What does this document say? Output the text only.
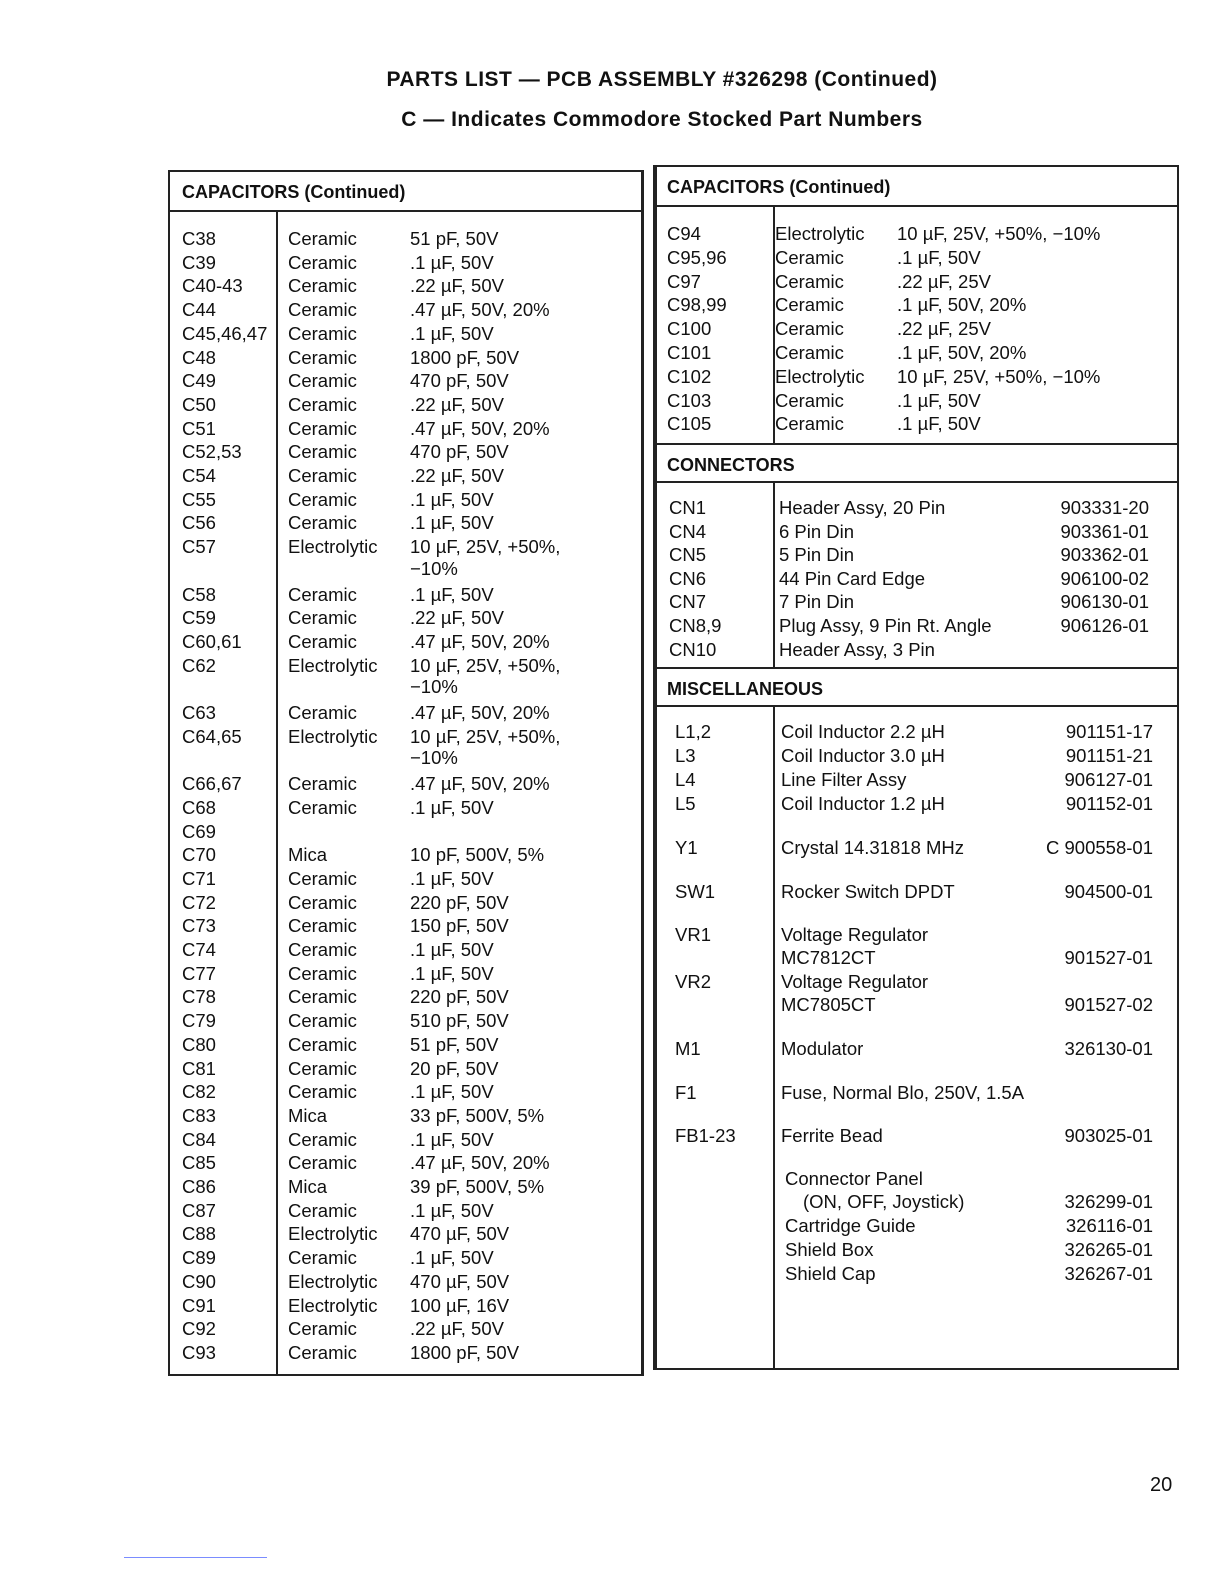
PARTS LIST — PCB ASSEMBLY #326298 (Continued)
C — Indicates Commodore Stocked Part Numbers
CAPACITORS (Continued)
C38	Ceramic	51 pF, 50V
C39	Ceramic	.1 µF, 50V
C40-43 Ceramic	.22 µF, 50V
C44	Ceramic	.47 µF, 50V, 20%
C45,46,47 Ceramic	.1 µF, 50V
C48	Ceramic	1800 pF, 50V
C49	Ceramic	470 pF, 50V
C50	Ceramic	.22 µF, 50V
C51	Ceramic	.47 µF, 50V, 20%
C52,53	Ceramic	470 pF, 50V
C54	Ceramic	.22 µF, 50V
C55	Ceramic	.1 µF, 50V
C56	Ceramic	.1 µF, 50V
C57	Electrolytic 10 µF, 25V, +50%,
−10%
C58	Ceramic	.1 µF, 50V
C59	Ceramic	.22 µF, 50V
C60,61	Ceramic	.47 µF, 50V, 20%
C62	Electrolytic 10 µF, 25V, +50%,
−10%
C63	Ceramic	.47 µF, 50V, 20%
C64,65	Electrolytic 10 µF, 25V, +50%,
−10%
C66,67	Ceramic	.47 µF, 50V, 20%
C68	Ceramic	.1 µF, 50V
C69
C70	Mica	10 pF, 500V, 5%
C71	Ceramic	.1 µF, 50V
C72	Ceramic	220 pF, 50V
C73	Ceramic	150 pF, 50V
C74	Ceramic	.1 µF, 50V
C77	Ceramic	.1 µF, 50V
C78	Ceramic	220 pF, 50V
C79	Ceramic	510 pF, 50V
C80	Ceramic	51 pF, 50V
C81	Ceramic	20 pF, 50V
C82	Ceramic	.1 µF, 50V
C83	Mica	33 pF, 500V, 5%
C84	Ceramic	.1 µF, 50V
C85	Ceramic	.47 µF, 50V, 20%
C86	Mica	39 pF, 500V, 5%
C87	Ceramic	.1 µF, 50V
C88	Electrolytic 470 µF, 50V
C89	Ceramic	.1 µF, 50V
C90	Electrolytic 470 µF, 50V
C91	Electrolytic 100 µF, 16V
C92	Ceramic	.22 µF, 50V
C93	Ceramic	1800 pF, 50V
CAPACITORS (Continued)
C94	Electrolytic 10 µF, 25V, +50%, −10%
C95,96	Ceramic	.1 µF, 50V
C97	Ceramic	.22 µF, 25V
C98,99	Ceramic	.1 µF, 50V, 20%
C100	Ceramic	.22 µF, 25V
C101	Ceramic	.1 µF, 50V, 20%
C102	Electrolytic 10 µF, 25V, +50%, −10%
C103	Ceramic	.1 µF, 50V
C105	Ceramic	.1 µF, 50V
CONNECTORS
CN1	Header Assy, 20 Pin	903331-20
CN4	6 Pin Din	903361-01
CN5	5 Pin Din	903362-01
CN6	44 Pin Card Edge	906100-02
CN7	7 Pin Din	906130-01
CN8,9	Plug Assy, 9 Pin Rt. Angle	906126-01
CN10	Header Assy, 3 Pin
MISCELLANEOUS
L1,2	Coil Inductor 2.2 µH	901151-17
L3	Coil Inductor 3.0 µH	901151-21
L4	Line Filter Assy	906127-01
L5	Coil Inductor 1.2 µH	901152-01
Y1	Crystal 14.31818 MHz	C 900558-01
SW1	Rocker Switch DPDT	904500-01
VR1	Voltage Regulator
MC7812CT	901527-01
VR2	Voltage Regulator
MC7805CT	901527-02
M1	Modulator	326130-01
F1	Fuse, Normal Blo, 250V, 1.5A
FB1-23 Ferrite Bead	903025-01
Connector Panel
(ON, OFF, Joystick)	326299-01
Cartridge Guide	326116-01
Shield Box	326265-01
Shield Cap	326267-01
20
